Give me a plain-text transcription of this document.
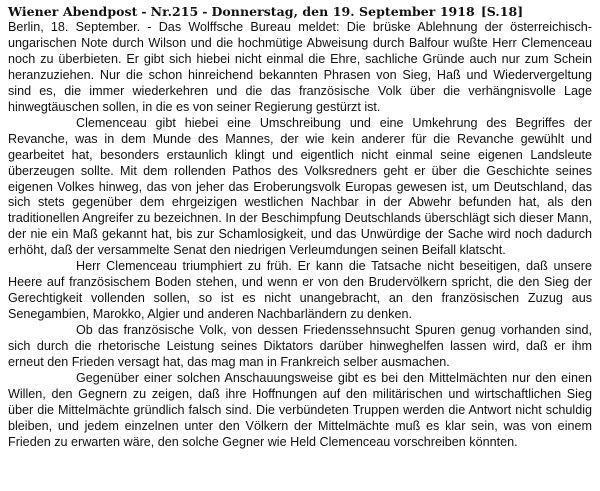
Wiener Abendpost - Nr.215 - Donnerstag, den 19. September 1918 [S.18]

Berlin, 18. September. - Das Wolffsche Bureau meldet: Die brüske Ablehnung der österreichisch-ungarischen Note durch Wilson und die hochmütige Abweisung durch Balfour wußte Herr Clemenceau noch zu überbieten. Er gibt sich hiebei nicht einmal die Ehre, sachliche Gründe auch nur zum Schein heranzuziehen. Nur die schon hinreichend bekannten Phrasen von Sieg, Haß und Wiedervergeltung sind es, die immer wiederkehren und die das französische Volk über die verhängnisvolle Lage hinwegtäuschen sollen, in die es von seiner Regierung gestürzt ist.

Clemenceau gibt hiebei eine Umschreibung und eine Umkehrung des Begriffes der Revanche, was in dem Munde des Mannes, der wie kein anderer für die Revanche gewühlt und gearbeitet hat, besonders erstaunlich klingt und eigentlich nicht einmal seine eigenen Landsleute überzeugen sollte. Mit dem rollenden Pathos des Volksredners geht er über die Geschichte seines eigenen Volkes hinweg, das von jeher das Eroberungsvolk Europas gewesen ist, um Deutschland, das sich stets gegenüber dem ehrgeizigen westlichen Nachbar in der Abwehr befunden hat, als den traditionellen Angreifer zu bezeichnen. In der Beschimpfung Deutschlands überschlägt sich dieser Mann, der nie ein Maß gekannt hat, bis zur Schamlosigkeit, und das Unwürdige der Sache wird noch dadurch erhöht, daß der versammelte Senat den niedrigen Verleumdungen seinen Beifall klatscht.

Herr Clemenceau triumphiert zu früh. Er kann die Tatsache nicht beseitigen, daß unsere Heere auf französischem Boden stehen, und wenn er von den Brudervölkern spricht, die den Sieg der Gerechtigkeit vollenden sollen, so ist es nicht unangebracht, an den französischen Zuzug aus Senegambien, Marokko, Algier und anderen Nachbarländern zu denken.

Ob das französische Volk, von dessen Friedenssehnsucht Spuren genug vorhanden sind, sich durch die rhetorische Leistung seines Diktators darüber hinweghelfen lassen wird, daß er ihm erneut den Frieden versagt hat, das mag man in Frankreich selber ausmachen.

Gegenüber einer solchen Anschauungsweise gibt es bei den Mittelmächten nur den einen Willen, den Gegnern zu zeigen, daß ihre Hoffnungen auf den militärischen und wirtschaftlichen Sieg über die Mittelmächte gründlich falsch sind. Die verbündeten Truppen werden die Antwort nicht schuldig bleiben, und jedem einzelnen unter den Völkern der Mittelmächte muß es klar sein, was von einem Frieden zu erwarten wäre, den solche Gegner wie Held Clemenceau vorschreiben könnten.
